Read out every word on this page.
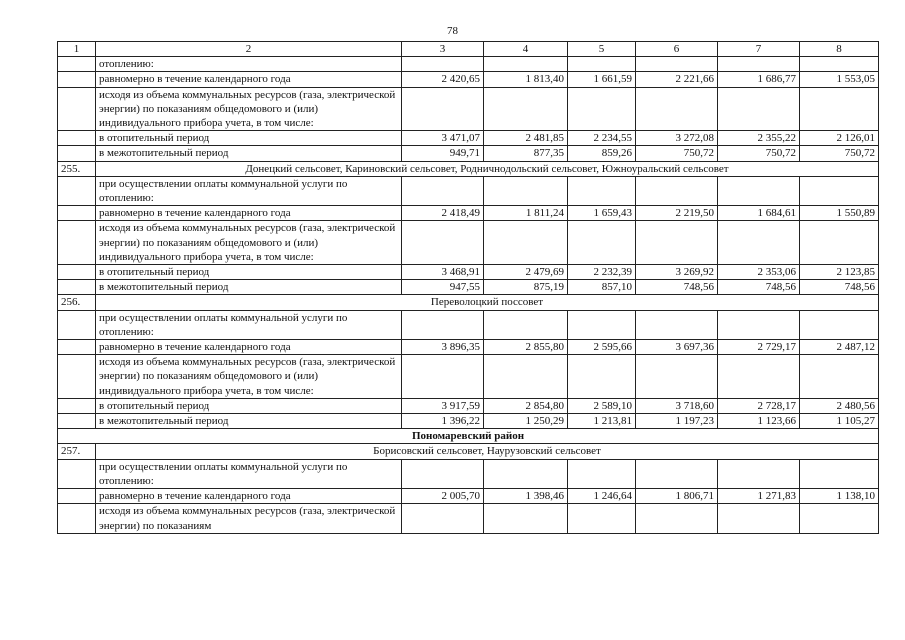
78
1	2	3	4	5	6	7	8
	отоплению:						
	равномерно в течение календарного года	2 420,65	1 813,40	1 661,59	2 221,66	1 686,77	1 553,05
	исходя из объема коммунальных ресурсов (газа, электрической энергии) по показаниям общедомового и (или) индивидуального прибора учета, в том числе:						
	в отопительный период	3 471,07	2 481,85	2 234,55	3 272,08	2 355,22	2 126,01
	в межотопительный период	949,71	877,35	859,26	750,72	750,72	750,72
255.	Донецкий сельсовет, Кариновский сельсовет, Родничнодольский сельсовет, Южноуральский сельсовет						
	при осуществлении оплаты коммунальной услуги по отоплению:						
	равномерно в течение календарного года	2 418,49	1 811,24	1 659,43	2 219,50	1 684,61	1 550,89
	исходя из объема коммунальных ресурсов (газа, электрической энергии) по показаниям общедомового и (или) индивидуального прибора учета, в том числе:						
	в отопительный период	3 468,91	2 479,69	2 232,39	3 269,92	2 353,06	2 123,85
	в межотопительный период	947,55	875,19	857,10	748,56	748,56	748,56
256.	Переволоцкий поссовет						
	при осуществлении оплаты коммунальной услуги по отоплению:						
	равномерно в течение календарного года	3 896,35	2 855,80	2 595,66	3 697,36	2 729,17	2 487,12
	исходя из объема коммунальных ресурсов (газа, электрической энергии) по показаниям общедомового и (или) индивидуального прибора учета, в том числе:						
	в отопительный период	3 917,59	2 854,80	2 589,10	3 718,60	2 728,17	2 480,56
	в межотопительный период	1 396,22	1 250,29	1 213,81	1 197,23	1 123,66	1 105,27
Пономаревский район							
257.	Борисовский сельсовет, Наурузовский сельсовет						
	при осуществлении оплаты коммунальной услуги по отоплению:						
	равномерно в течение календарного года	2 005,70	1 398,46	1 246,64	1 806,71	1 271,83	1 138,10
	исходя из объема коммунальных ресурсов (газа, электрической энергии) по показаниям						
